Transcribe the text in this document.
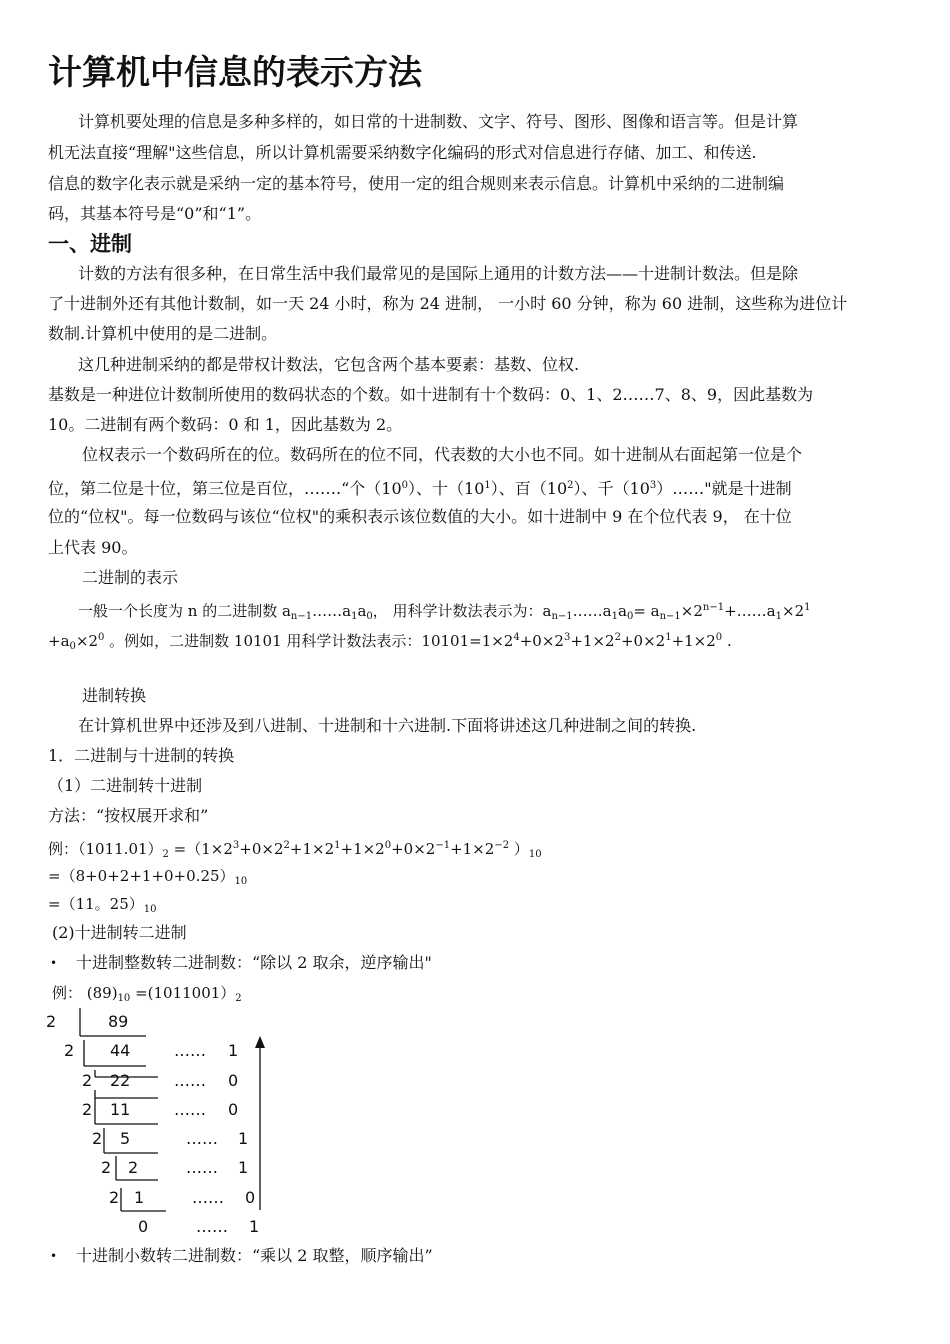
计算机中信息的表示方法
计算机要处理的信息是多种多样的，如日常的十进制数、文字、符号、图形、图像和语言等。但是计算
机无法直接“理解"这些信息，所以计算机需要采纳数字化编码的形式对信息进行存储、加工、和传送.
信息的数字化表示就是采纳一定的基本符号，使用一定的组合规则来表示信息。计算机中采纳的二进制编
码，其基本符号是“0”和“1”。
一、进制
计数的方法有很多种，在日常生活中我们最常见的是国际上通用的计数方法——十进制计数法。但是除
了十进制外还有其他计数制，如一天 24 小时，称为 24 进制， 一小时 60 分钟，称为 60 进制，这些称为进位计
数制.计算机中使用的是二进制。
这几种进制采纳的都是带权计数法，它包含两个基本要素：基数、位权.
基数是一种进位计数制所使用的数码状态的个数。如十进制有十个数码：0、1、2……7、8、9，因此基数为
10。二进制有两个数码：0 和 1，因此基数为 2。
位权表示一个数码所在的位。数码所在的位不同，代表数的大小也不同。如十进制从右面起第一位是个
位，第二位是十位，第三位是百位，…….“个$(10^0)$、十$(10^1)$、百$(10^2)$、千$(10^3)\dots\dots$"就是十进制
位的“位权"。每一位数码与该位“位权"的乘积表示该位数值的大小。如十进制中 9 在个位代表 9， 在十位
上代表 90。
二进制的表示
一般一个长度为 n 的二进制数 $a_{n-1}\dots\dots a_1a_0$， 用科学计数法表示为：$a_{n-1}\dots\dots a_1a_0=$ $a_{n-1}\times 2^{n-1}+\dots\dots a_1\times 2^1$
$+a_0\times 2^0$ 。例如，二进制数 10101 用科学计数法表示：$10101=1\times 2^4+0\times 2^3+1\times 2^2+0\times 2^1+1\times 2^0$ .
进制转换
在计算机世界中还涉及到八进制、十进制和十六进制.下面将讲述这几种进制之间的转换.
1．二进制与十进制的转换
（1）二进制转十进制
方法：“按权展开求和”
例：$(1011.01)_2 =(1\times 2^3+0\times 2^2+1\times 2^1+1\times 2^0+0\times 2^{-1}+1\times 2^{-2}$ ）$_{10}$
$=(8+0+2+1+0+0.25)_{10}$
=（11。$25)_{10}$
(2)十进制转二进制
• 十进制整数转二进制数：“除以 2 取余，逆序输出"
例： $(89)_{10} =(1011001)_2$
2
2
2
2
2
2
2
89
44
22
11
5
2
1
0
……
……
……
……
……
……
……
1
0
0
1
1
0
1
• 十进制小数转二进制数：“乘以 2 取整，顺序输出”
